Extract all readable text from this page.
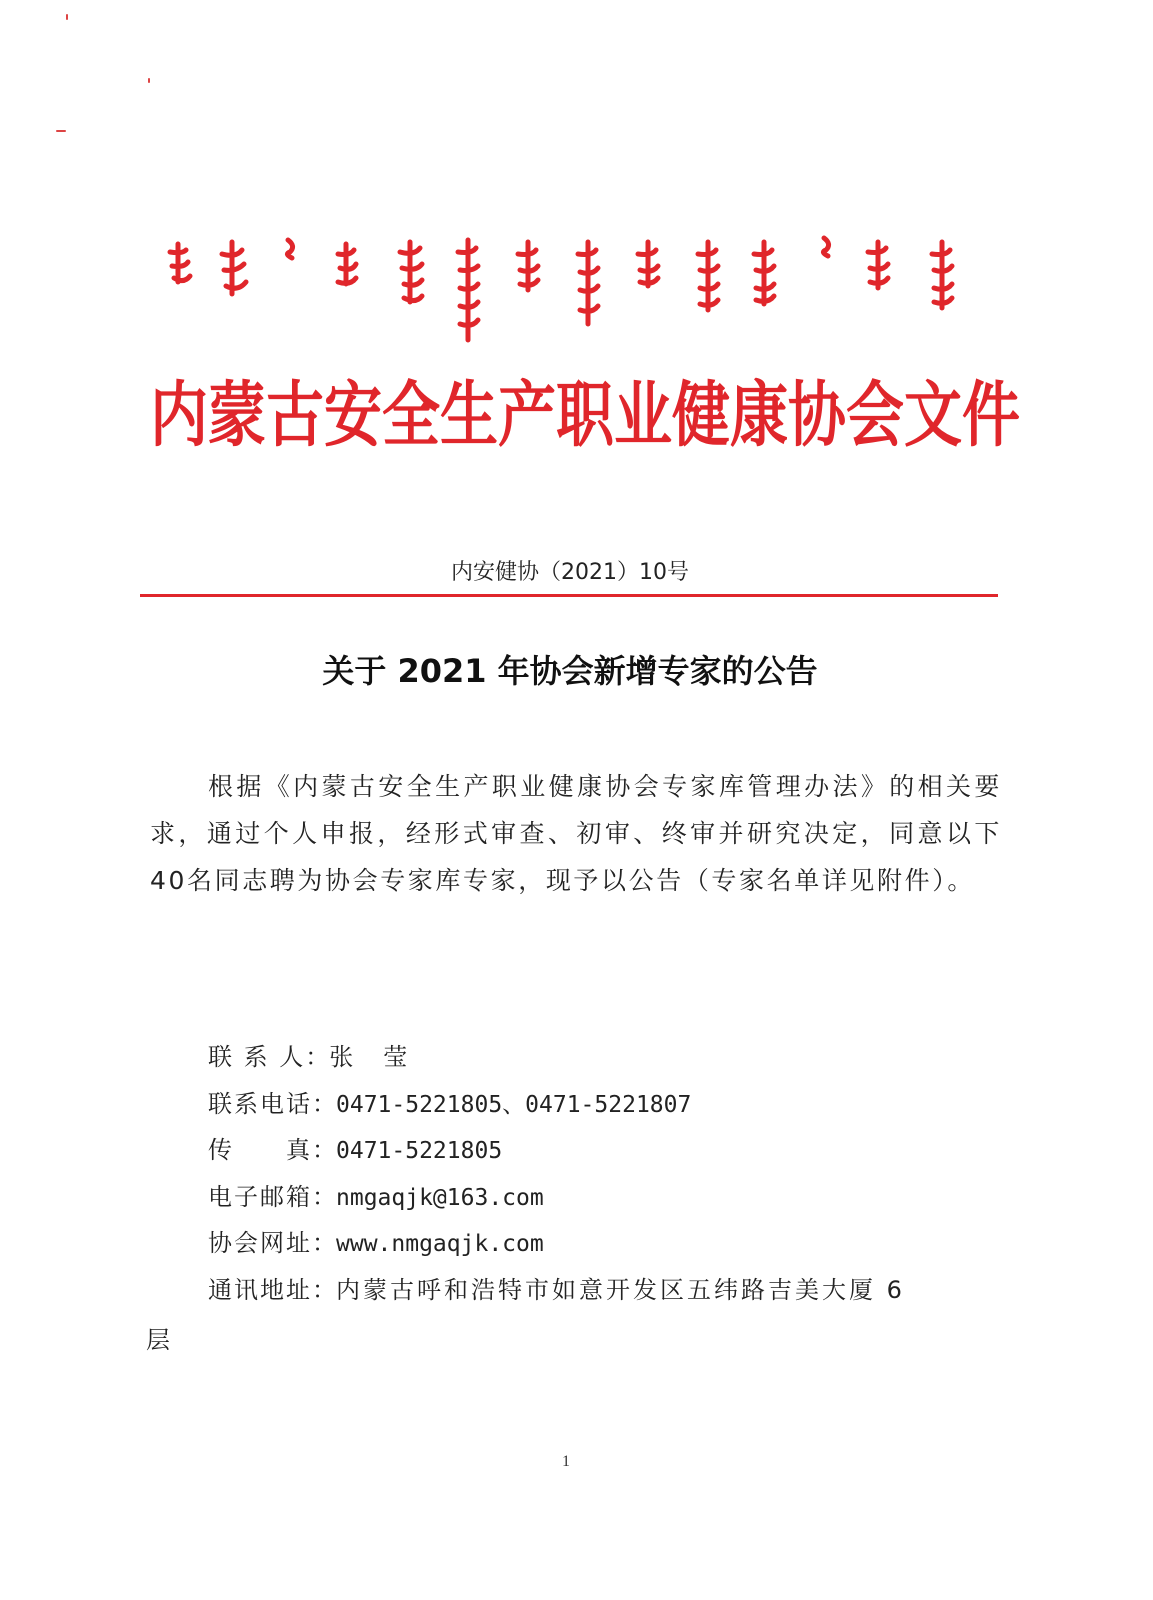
内蒙古安全生产职业健康协会文件
内安健协（2021）10号
关于 2021 年协会新增专家的公告
根据《内蒙古安全生产职业健康协会专家库管理办法》的相关要求，通过个人申报，经形式审查、初审、终审并研究决定，同意以下40名同志聘为协会专家库专家，现予以公告（专家名单详见附件）。
联 系 人：张　莹
联系电话：0471-5221805、0471-5221807
传　　真：0471-5221805
电子邮箱：nmgaqjk@163.com
协会网址：www.nmgaqjk.com
通讯地址：内蒙古呼和浩特市如意开发区五纬路吉美大厦 6
层
1
